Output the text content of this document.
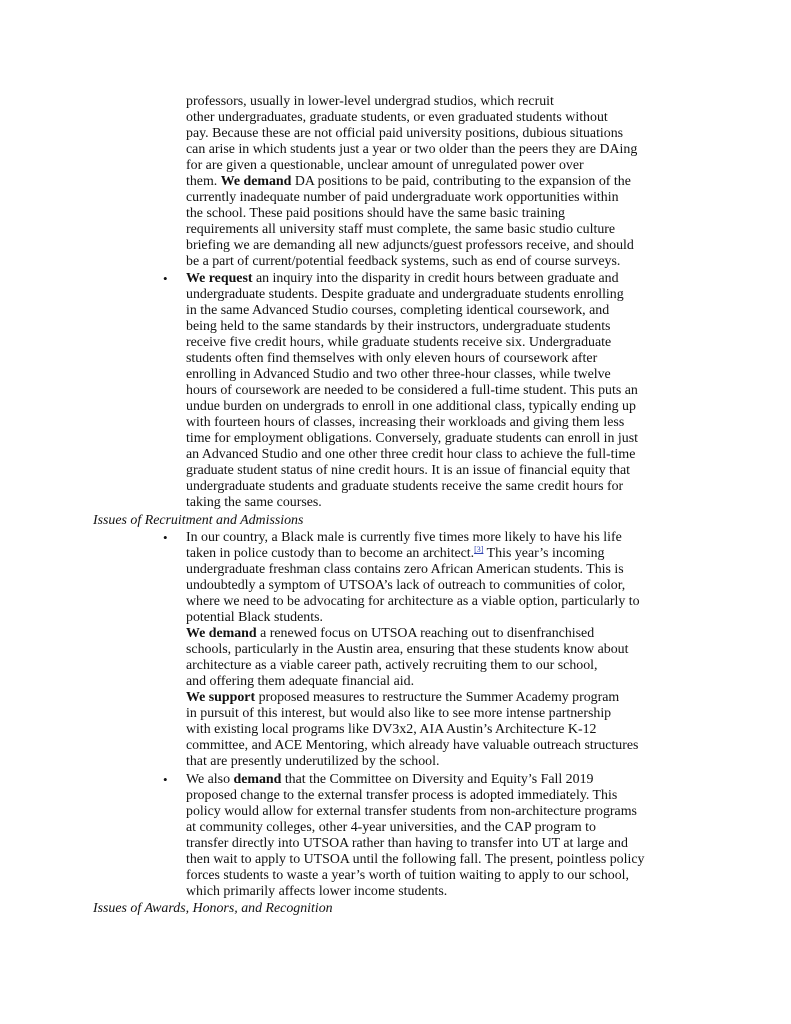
professors, usually in lower-level undergrad studios, which recruit
other undergraduates, graduate students, or even graduated students without
pay. Because these are not official paid university positions, dubious situations
can arise in which students just a year or two older than the peers they are DAing
for are given a questionable, unclear amount of unregulated power over
them. We demand DA positions to be paid, contributing to the expansion of the
currently inadequate number of paid undergraduate work opportunities within
the school. These paid positions should have the same basic training
requirements all university staff must complete, the same basic studio culture
briefing we are demanding all new adjuncts/guest professors receive, and should
be a part of current/potential feedback systems, such as end of course surveys.
• We request an inquiry into the disparity in credit hours between graduate and
undergraduate students. Despite graduate and undergraduate students enrolling
in the same Advanced Studio courses, completing identical coursework, and
being held to the same standards by their instructors, undergraduate students
receive five credit hours, while graduate students receive six. Undergraduate
students often find themselves with only eleven hours of coursework after
enrolling in Advanced Studio and two other three-hour classes, while twelve
hours of coursework are needed to be considered a full-time student. This puts an
undue burden on undergrads to enroll in one additional class, typically ending up
with fourteen hours of classes, increasing their workloads and giving them less
time for employment obligations. Conversely, graduate students can enroll in just
an Advanced Studio and one other three credit hour class to achieve the full-time
graduate student status of nine credit hours. It is an issue of financial equity that
undergraduate students and graduate students receive the same credit hours for
taking the same courses.
Issues of Recruitment and Admissions
• In our country, a Black male is currently five times more likely to have his life
taken in police custody than to become an architect.[3] This year’s incoming
undergraduate freshman class contains zero African American students. This is
undoubtedly a symptom of UTSOA’s lack of outreach to communities of color,
where we need to be advocating for architecture as a viable option, particularly to
potential Black students.
We demand a renewed focus on UTSOA reaching out to disenfranchised
schools, particularly in the Austin area, ensuring that these students know about
architecture as a viable career path, actively recruiting them to our school,
and offering them adequate financial aid.
We support proposed measures to restructure the Summer Academy program
in pursuit of this interest, but would also like to see more intense partnership
with existing local programs like DV3x2, AIA Austin’s Architecture K-12
committee, and ACE Mentoring, which already have valuable outreach structures
that are presently underutilized by the school.
• We also demand that the Committee on Diversity and Equity’s Fall 2019
proposed change to the external transfer process is adopted immediately. This
policy would allow for external transfer students from non-architecture programs
at community colleges, other 4-year universities, and the CAP program to
transfer directly into UTSOA rather than having to transfer into UT at large and
then wait to apply to UTSOA until the following fall. The present, pointless policy
forces students to waste a year’s worth of tuition waiting to apply to our school,
which primarily affects lower income students.
Issues of Awards, Honors, and Recognition
